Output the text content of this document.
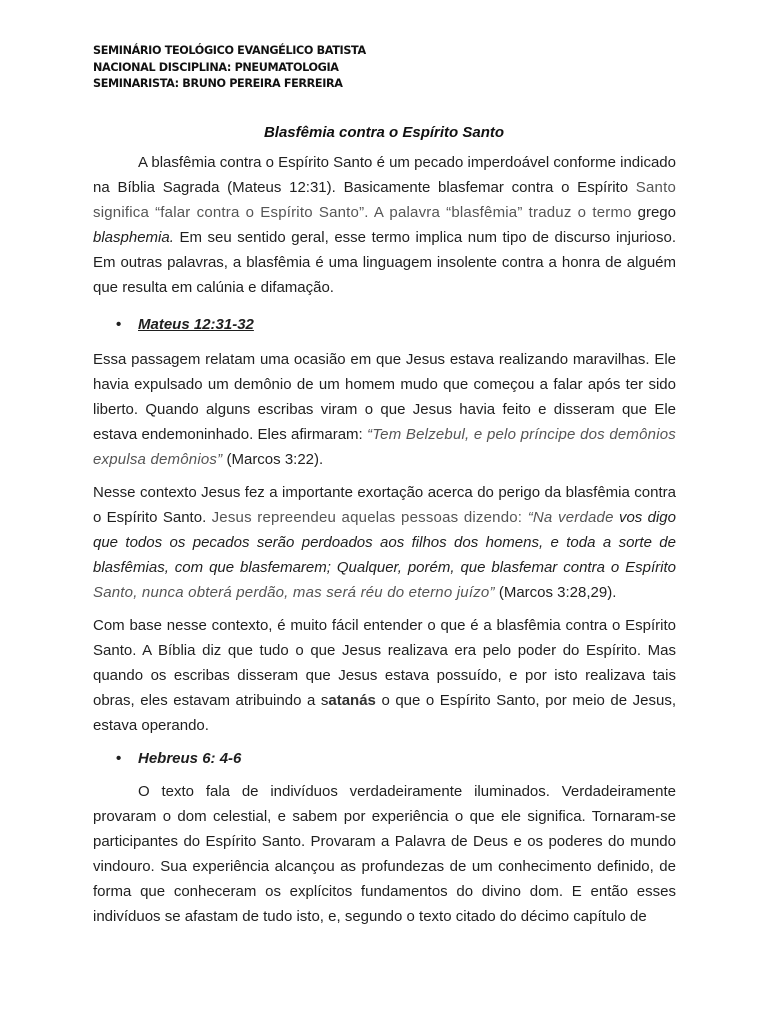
SEMINÁRIO TEOLÓGICO EVANGÉLICO BATISTA
NACIONAL DISCIPLINA: PNEUMATOLOGIA
SEMINARISTA: BRUNO PEREIRA FERREIRA
Blasfêmia contra o Espírito Santo

A blasfêmia contra o Espírito Santo é um pecado imperdoável conforme indicado na Bíblia Sagrada (Mateus 12:31). Basicamente blasfemar contra o Espírito Santo significa “falar contra o Espírito Santo”. A palavra “blasfêmia” traduz o termo grego blasphemia. Em seu sentido geral, esse termo implica num tipo de discurso injurioso. Em outras palavras, a blasfêmia é uma linguagem insolente contra a honra de alguém que resulta em calúnia e difamação.

• Mateus 12:31-32

Essa passagem relatam uma ocasião em que Jesus estava realizando maravilhas. Ele havia expulsado um demônio de um homem mudo que começou a falar após ter sido liberto. Quando alguns escribas viram o que Jesus havia feito e disseram que Ele estava endemoninhado. Eles afirmaram: “Tem Belzebul, e pelo príncipe dos demônios expulsa demônios” (Marcos 3:22).

Nesse contexto Jesus fez a importante exortação acerca do perigo da blasfêmia contra o Espírito Santo. Jesus repreendeu aquelas pessoas dizendo: “Na verdade vos digo que todos os pecados serão perdoados aos filhos dos homens, e toda a sorte de blasfêmias, com que blasfemarem; Qualquer, porém, que blasfemar contra o Espírito Santo, nunca obterá perdão, mas será réu do eterno juízo” (Marcos 3:28,29).

Com base nesse contexto, é muito fácil entender o que é a blasfêmia contra o Espírito Santo. A Bíblia diz que tudo o que Jesus realizava era pelo poder do Espírito. Mas quando os escribas disseram que Jesus estava possuído, e por isto realizava tais obras, eles estavam atribuindo a satanás o que o Espírito Santo, por meio de Jesus, estava operando.

• Hebreus 6: 4-6

O texto fala de indivíduos verdadeiramente iluminados. Verdadeiramente provaram o dom celestial, e sabem por experiência o que ele significa. Tornaram-se participantes do Espírito Santo. Provaram a Palavra de Deus e os poderes do mundo vindouro. Sua experiência alcançou as profundezas de um conhecimento definido, de forma que conheceram os explícitos fundamentos do divino dom. E então esses indivíduos se afastam de tudo isto, e, segundo o texto citado do décimo capítulo de
